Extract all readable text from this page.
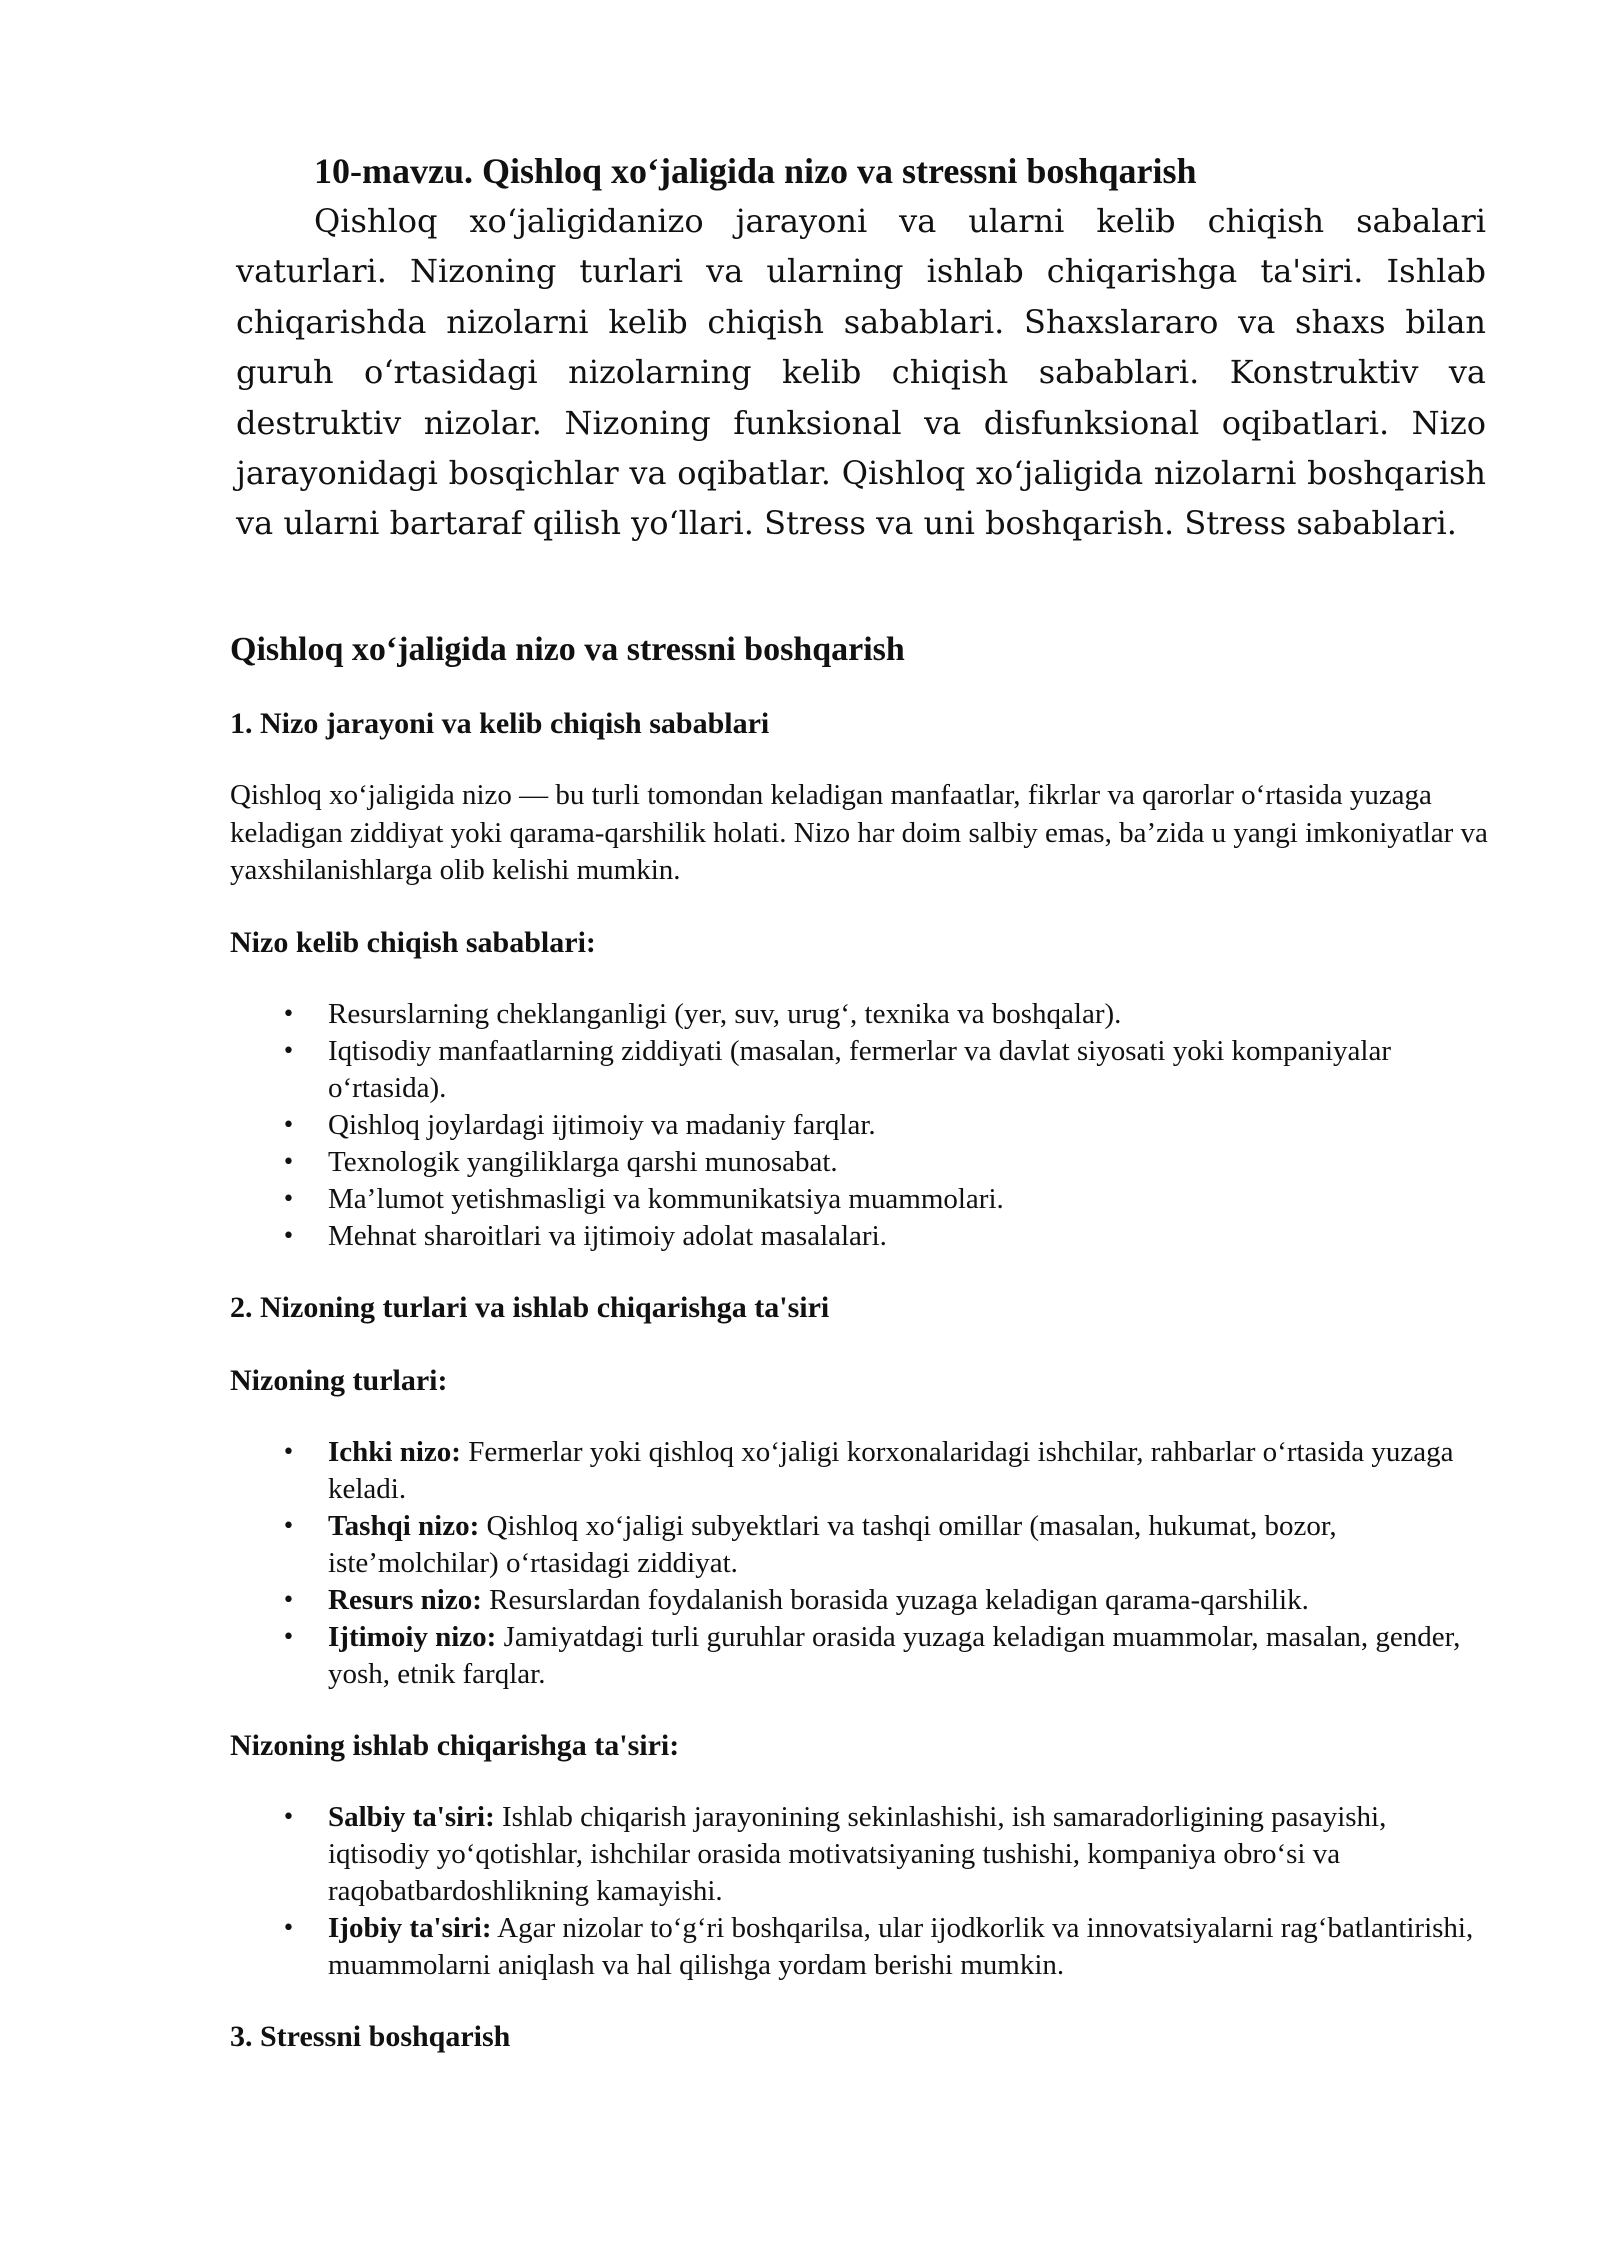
10-mavzu. Qishloq xo‘jaligida nizo va stressni boshqarish

Qishloq xo‘jaligidanizo jarayoni va ularni kelib chiqish sabalari vaturlari. Nizoning turlari va ularning ishlab chiqarishga ta'siri. Ishlab chiqarishda nizolarni kelib chiqish sabablari. Shaxslararo va shaxs bilan guruh o‘rtasidagi nizolarning kelib chiqish sabablari. Konstruktiv va destruktiv nizolar. Nizoning funksional va disfunksional oqibatlari. Nizo jarayonidagi bosqichlar va oqibatlar. Qishloq xo‘jaligida nizolarni boshqarish va ularni bartaraf qilish yo‘llari. Stress va uni boshqarish. Stress sabablari.

Qishloq xo‘jaligida nizo va stressni boshqarish

1. Nizo jarayoni va kelib chiqish sabablari

Qishloq xo‘jaligida nizo — bu turli tomondan keladigan manfaatlar, fikrlar va qarorlar o‘rtasida yuzaga keladigan ziddiyat yoki qarama-qarshilik holati. Nizo har doim salbiy emas, ba’zida u yangi imkoniyatlar va yaxshilanishlarga olib kelishi mumkin.

Nizo kelib chiqish sabablari:

• Resurslarning cheklanganligi (yer, suv, urug‘, texnika va boshqalar).
• Iqtisodiy manfaatlarning ziddiyati (masalan, fermerlar va davlat siyosati yoki kompaniyalar o‘rtasida).
• Qishloq joylardagi ijtimoiy va madaniy farqlar.
• Texnologik yangiliklarga qarshi munosabat.
• Ma’lumot yetishmasligi va kommunikatsiya muammolari.
• Mehnat sharoitlari va ijtimoiy adolat masalalari.

2. Nizoning turlari va ishlab chiqarishga ta'siri

Nizoning turlari:

• Ichki nizo: Fermerlar yoki qishloq xo‘jaligi korxonalaridagi ishchilar, rahbarlar o‘rtasida yuzaga keladi.
• Tashqi nizo: Qishloq xo‘jaligi subyektlari va tashqi omillar (masalan, hukumat, bozor, iste’molchilar) o‘rtasidagi ziddiyat.
• Resurs nizo: Resurslardan foydalanish borasida yuzaga keladigan qarama-qarshilik.
• Ijtimoiy nizo: Jamiyatdagi turli guruhlar orasida yuzaga keladigan muammolar, masalan, gender, yosh, etnik farqlar.

Nizoning ishlab chiqarishga ta'siri:

• Salbiy ta'siri: Ishlab chiqarish jarayonining sekinlashishi, ish samaradorligining pasayishi, iqtisodiy yo‘qotishlar, ishchilar orasida motivatsiyaning tushishi, kompaniya obro‘si va raqobatbardoshlikning kamayishi.
• Ijobiy ta'siri: Agar nizolar to‘g‘ri boshqarilsa, ular ijodkorlik va innovatsiyalarni rag‘batlantirishi, muammolarni aniqlash va hal qilishga yordam berishi mumkin.

3. Stressni boshqarish
